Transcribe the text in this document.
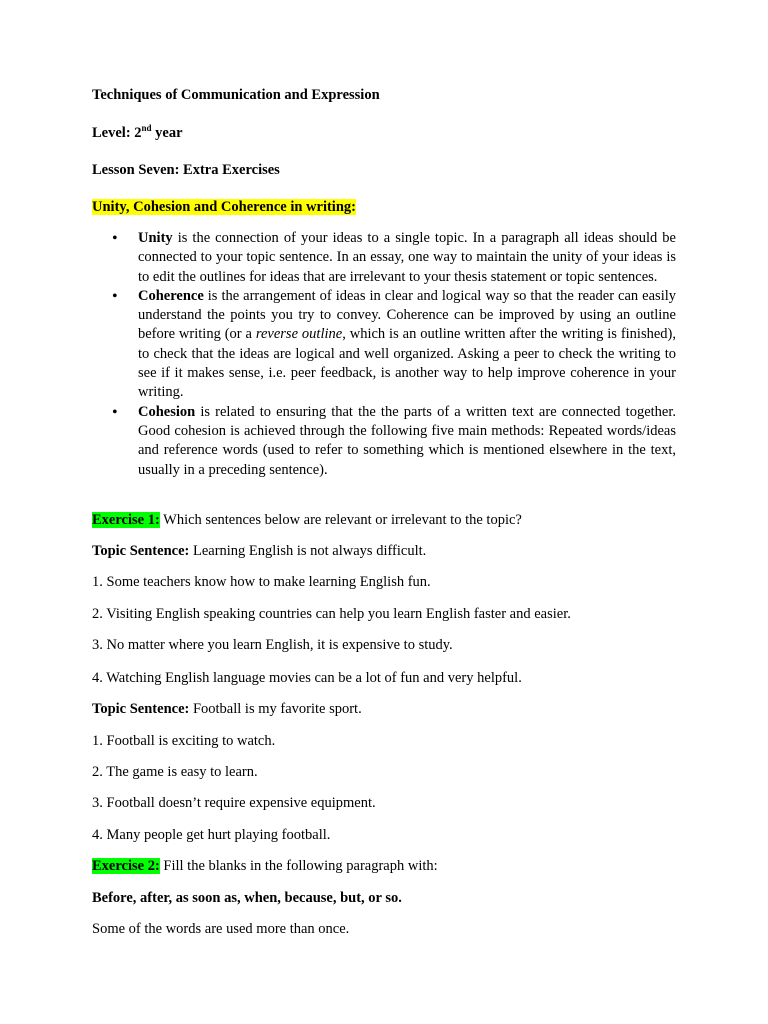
Techniques of Communication and Expression
Level: 2nd year
Lesson Seven: Extra Exercises
Unity, Cohesion and Coherence in writing:
• Unity is the connection of your ideas to a single topic. In a paragraph all ideas should be connected to your topic sentence. In an essay, one way to maintain the unity of your ideas is to edit the outlines for ideas that are irrelevant to your thesis statement or topic sentences.
• Coherence is the arrangement of ideas in clear and logical way so that the reader can easily understand the points you try to convey. Coherence can be improved by using an outline before writing (or a reverse outline, which is an outline written after the writing is finished), to check that the ideas are logical and well organized. Asking a peer to check the writing to see if it makes sense, i.e. peer feedback, is another way to help improve coherence in your writing.
• Cohesion is related to ensuring that the the parts of a written text are connected together. Good cohesion is achieved through the following five main methods: Repeated words/ideas and reference words (used to refer to something which is mentioned elsewhere in the text, usually in a preceding sentence).
Exercise 1: Which sentences below are relevant or irrelevant to the topic?
Topic Sentence: Learning English is not always difficult.
1. Some teachers know how to make learning English fun.
2. Visiting English speaking countries can help you learn English faster and easier.
3. No matter where you learn English, it is expensive to study.
4. Watching English language movies can be a lot of fun and very helpful.
Topic Sentence: Football is my favorite sport.
1. Football is exciting to watch.
2. The game is easy to learn.
3. Football doesn’t require expensive equipment.
4. Many people get hurt playing football.
Exercise 2: Fill the blanks in the following paragraph with:
Before, after, as soon as, when, because, but, or so.
Some of the words are used more than once.
